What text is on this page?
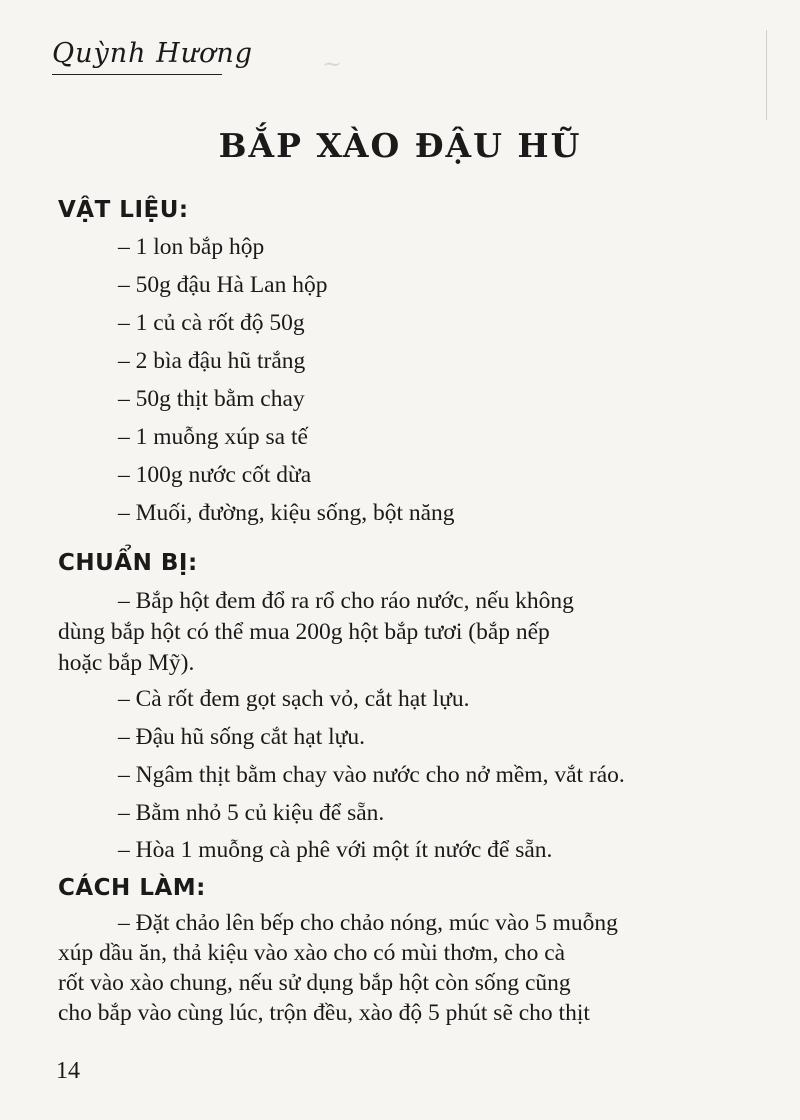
Quỳnh Hương	~
BẮP XÀO ĐẬU HŨ
VẬT LIỆU:

– 1 lon bắp hộp

– 50g đậu Hà Lan hộp

– 1 củ cà rốt độ 50g

– 2 bìa đậu hũ trắng

– 50g thịt bằm chay

– 1 muỗng xúp sa tế

– 100g nước cốt dừa

– Muối, đường, kiệu sống, bột năng

CHUẨN BỊ:

– Bắp hột đem đổ ra rổ cho ráo nước, nếu không

dùng bắp hột có thể mua 200g hột bắp tươi (bắp nếp

hoặc bắp Mỹ).

– Cà rốt đem gọt sạch vỏ, cắt hạt lựu.

– Đậu hũ sống cắt hạt lựu.

– Ngâm thịt bằm chay vào nước cho nở mềm, vắt ráo.

– Bằm nhỏ 5 củ kiệu để sẵn.

– Hòa 1 muỗng cà phê với một ít nước để sẵn.

CÁCH LÀM:

– Đặt chảo lên bếp cho chảo nóng, múc vào 5 muỗng

xúp dầu ăn, thả kiệu vào xào cho có mùi thơm, cho cà

rốt vào xào chung, nếu sử dụng bắp hột còn sống cũng

cho bắp vào cùng lúc, trộn đều, xào độ 5 phút sẽ cho thịt

14
